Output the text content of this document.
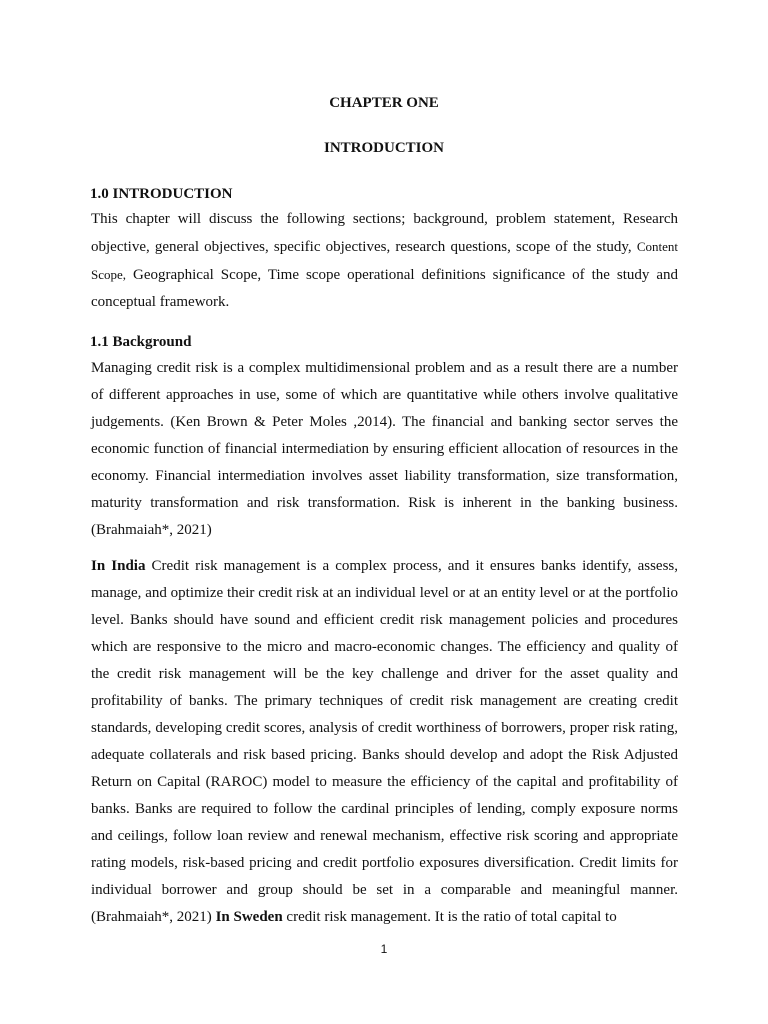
CHAPTER ONE
INTRODUCTION
1.0 INTRODUCTION

This chapter will discuss the following sections; background, problem statement, Research objective, general objectives, specific objectives, research questions, scope of the study, Content Scope, Geographical Scope, Time scope operational definitions significance of the study and conceptual framework.

1.1 Background

Managing credit risk is a complex multidimensional problem and as a result there are a number of different approaches in use, some of which are quantitative while others involve qualitative judgements. (Ken Brown & Peter Moles ,2014). The financial and banking sector serves the economic function of financial intermediation by ensuring efficient allocation of resources in the economy. Financial intermediation involves asset liability transformation, size transformation, maturity transformation and risk transformation. Risk is inherent in the banking business. (Brahmaiah*, 2021)

In India Credit risk management is a complex process, and it ensures banks identify, assess, manage, and optimize their credit risk at an individual level or at an entity level or at the portfolio level. Banks should have sound and efficient credit risk management policies and procedures which are responsive to the micro and macro-economic changes. The efficiency and quality of the credit risk management will be the key challenge and driver for the asset quality and profitability of banks. The primary techniques of credit risk management are creating credit standards, developing credit scores, analysis of credit worthiness of borrowers, proper risk rating, adequate collaterals and risk based pricing. Banks should develop and adopt the Risk Adjusted Return on Capital (RAROC) model to measure the efficiency of the capital and profitability of banks. Banks are required to follow the cardinal principles of lending, comply exposure norms and ceilings, follow loan review and renewal mechanism, effective risk scoring and appropriate rating models, risk-based pricing and credit portfolio exposures diversification. Credit limits for individual borrower and group should be set in a comparable and meaningful manner. (Brahmaiah*, 2021) In Sweden credit risk management. It is the ratio of total capital to

1
